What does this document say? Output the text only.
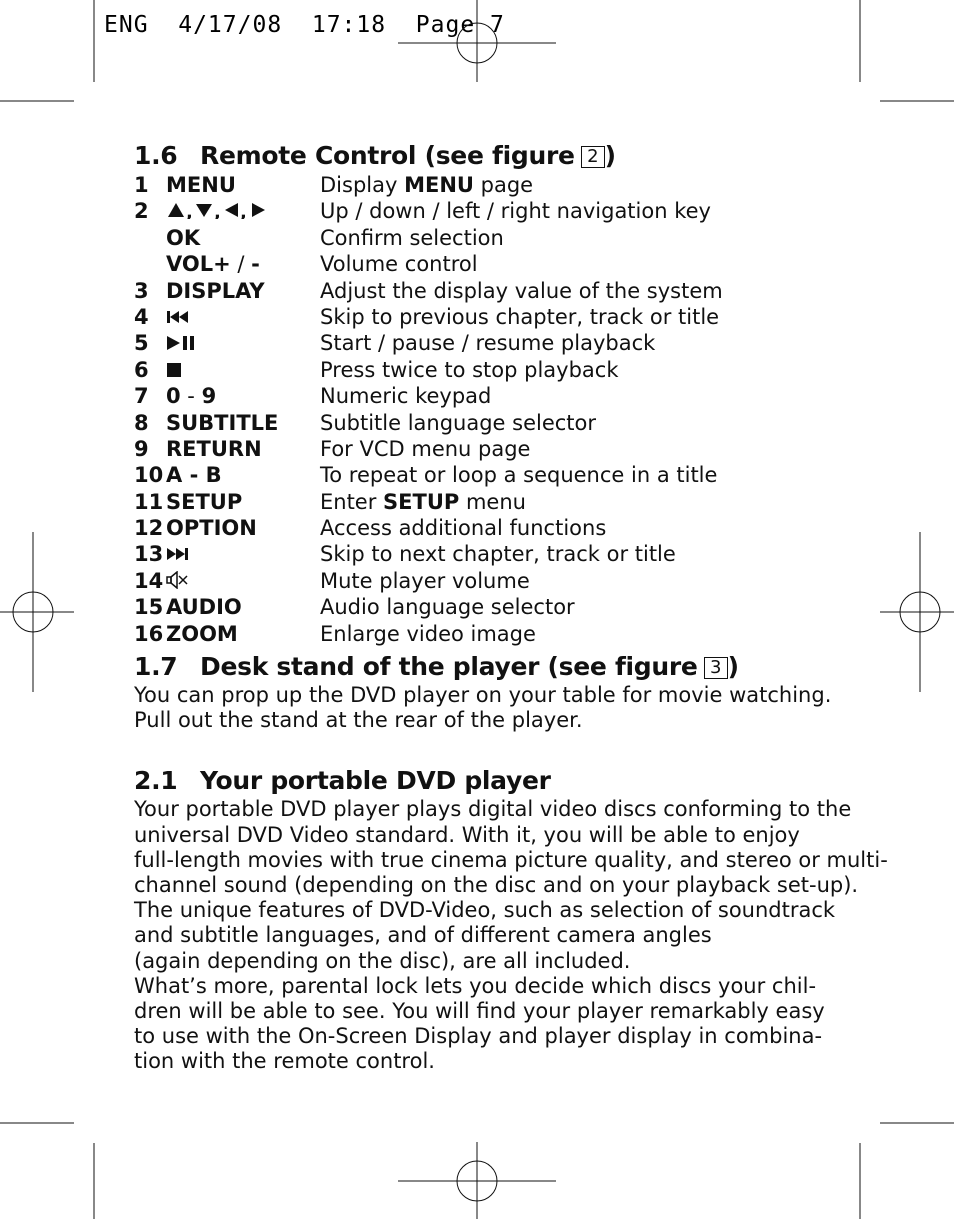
ENG  4/17/08  17:18  Page 7
1.6 Remote Control (see figure 2 )
1 MENU	Display MENU page
2	, , ,	Up / down / left / right navigation key
OK	Confirm selection
VOL+ / -	Volume control
3 DISPLAY	Adjust the display value of the system
4	Skip to previous chapter, track or title
5	Start / pause / resume playback
6	Press twice to stop playback
7 0 - 9	Numeric keypad
8 SUBTITLE	Subtitle language selector
9 RETURN	For VCD menu page
10 A - B	To repeat or loop a sequence in a title
11 SETUP	Enter SETUP menu
12 OPTION	Access additional functions
13	Skip to next chapter, track or title
14	Mute player volume
15 AUDIO	Audio language selector
16 ZOOM	Enlarge video image
1.7 Desk stand of the player (see figure 3 )

You can prop up the DVD player on your table for movie watching.

Pull out the stand at the rear of the player.

2.1 Your portable DVD player

Your portable DVD player plays digital video discs conforming to the

universal DVD Video standard. With it, you will be able to enjoy

full-length movies with true cinema picture quality, and stereo or multi-

channel sound (depending on the disc and on your playback set-up).

The unique features of DVD-Video, such as selection of soundtrack

and subtitle languages, and of different camera angles

(again depending on the disc), are all included.

What’s more, parental lock lets you decide which discs your chil-

dren will be able to see. You will find your player remarkably easy

to use with the On-Screen Display and player display in combina-

tion with the remote control.
